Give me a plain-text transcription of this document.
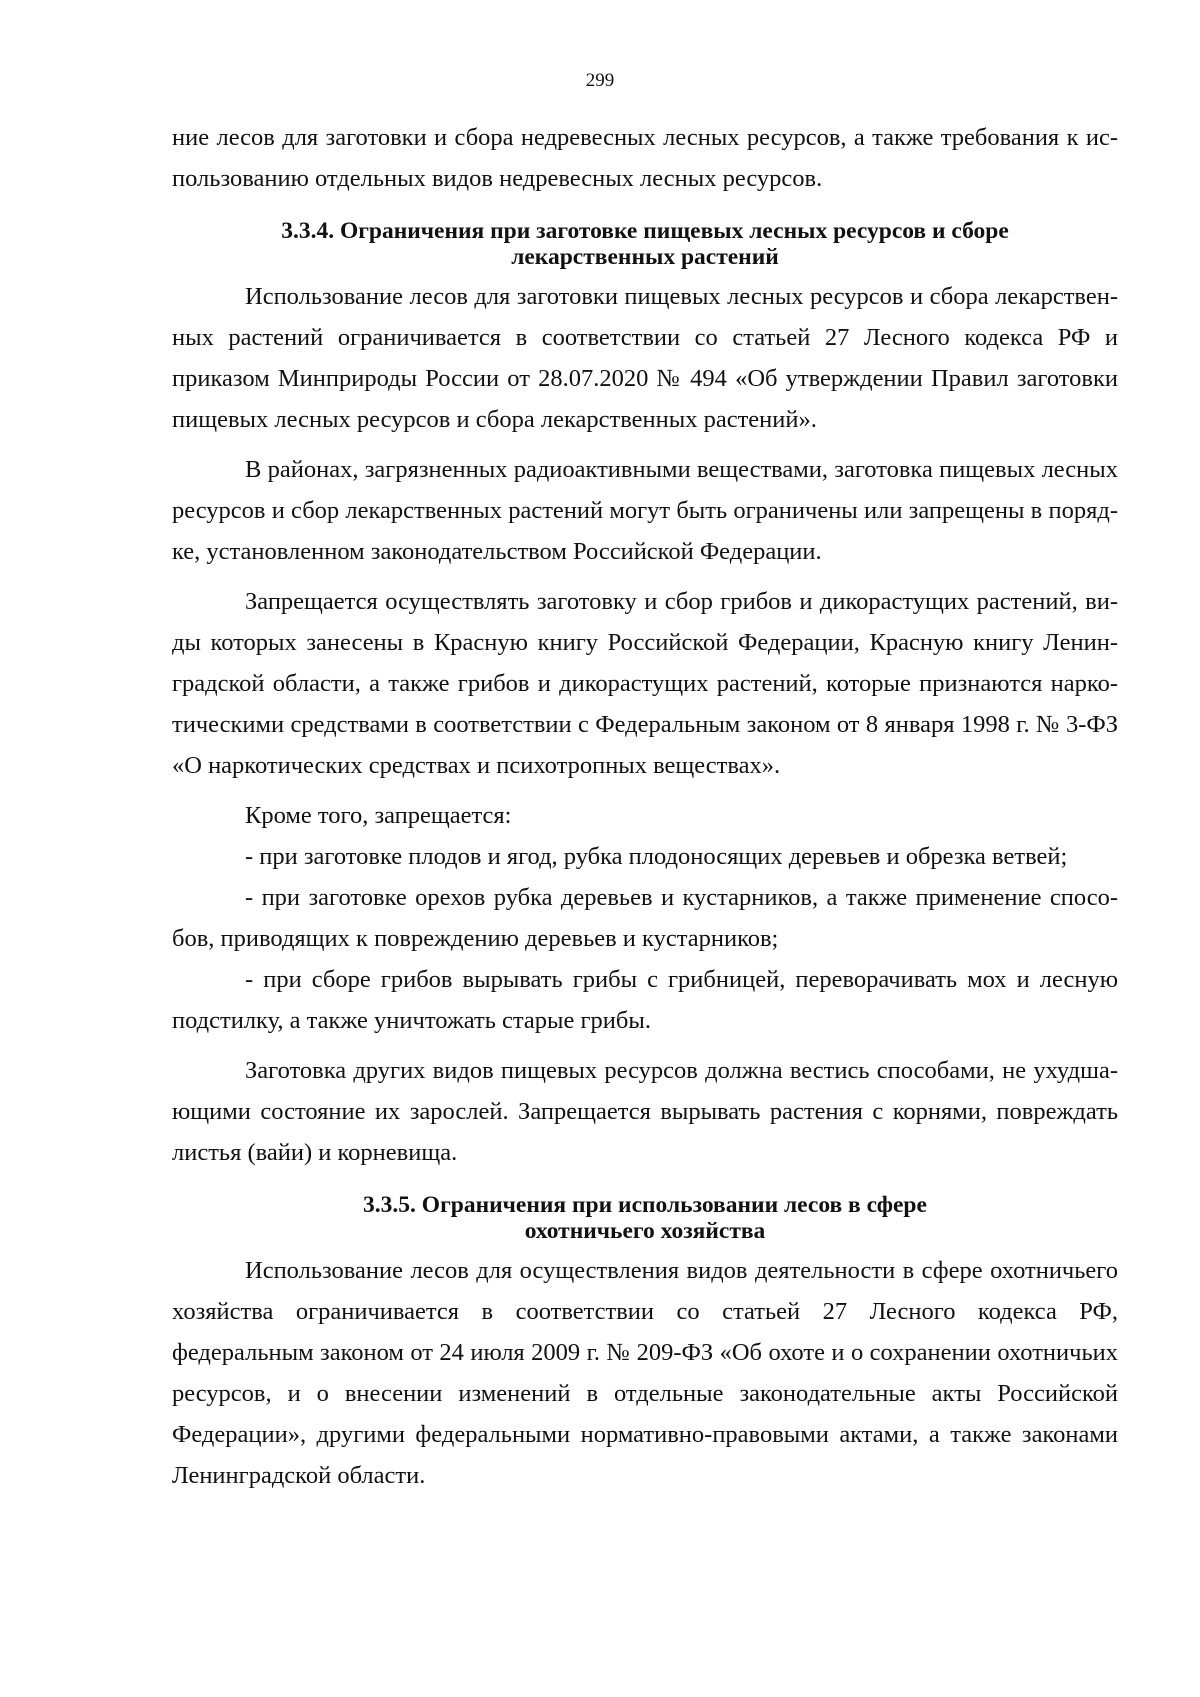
299

ние лесов для заготовки и сбора недревесных лесных ресурсов, а также требования к использованию отдельных видов недревесных лесных ресурсов.

3.3.4. Ограничения при заготовке пищевых лесных ресурсов и сборе
лекарственных растений

Использование лесов для заготовки пищевых лесных ресурсов и сбора лекарственных растений ограничивается в соответствии со статьей 27 Лесного кодекса РФ и приказом Минприроды России от 28.07.2020 № 494 «Об утверждении Правил заготовки пищевых лесных ресурсов и сбора лекарственных растений».

В районах, загрязненных радиоактивными веществами, заготовка пищевых лесных ресурсов и сбор лекарственных растений могут быть ограничены или запрещены в порядке, установленном законодательством Российской Федерации.

Запрещается осуществлять заготовку и сбор грибов и дикорастущих растений, виды которых занесены в Красную книгу Российской Федерации, Красную книгу Ленинградской области, а также грибов и дикорастущих растений, которые признаются наркотическими средствами в соответствии с Федеральным законом от 8 января 1998 г. № 3-ФЗ «О наркотических средствах и психотропных веществах».

Кроме того, запрещается:

- при заготовке плодов и ягод, рубка плодоносящих деревьев и обрезка ветвей;

- при заготовке орехов рубка деревьев и кустарников, а также применение способов, приводящих к повреждению деревьев и кустарников;

- при сборе грибов вырывать грибы с грибницей, переворачивать мох и лесную подстилку, а также уничтожать старые грибы.

Заготовка других видов пищевых ресурсов должна вестись способами, не ухудшающими состояние их зарослей. Запрещается вырывать растения с корнями, повреждать листья (вайи) и корневища.

3.3.5. Ограничения при использовании лесов в сфере
охотничьего хозяйства

Использование лесов для осуществления видов деятельности в сфере охотничьего хозяйства ограничивается в соответствии со статьей 27 Лесного кодекса РФ, федеральным законом от 24 июля 2009 г. № 209-ФЗ «Об охоте и о сохранении охотничьих ресурсов, и о внесении изменений в отдельные законодательные акты Российской Федерации», другими федеральными нормативно-правовыми актами, а также законами Ленинградской области.
